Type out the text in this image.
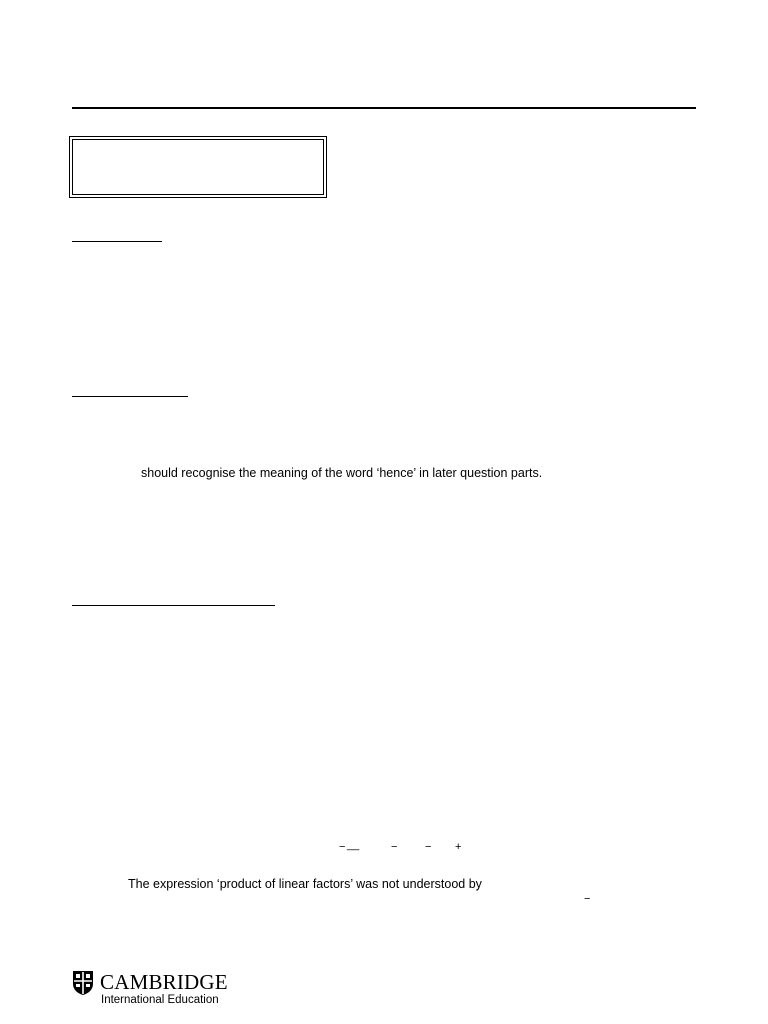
should recognise the meaning of the word ‘hence’ in later question parts.
− __	−	− +
The expression ‘product of linear factors’ was not understood by
−
CAMBRIDGE
International Education
